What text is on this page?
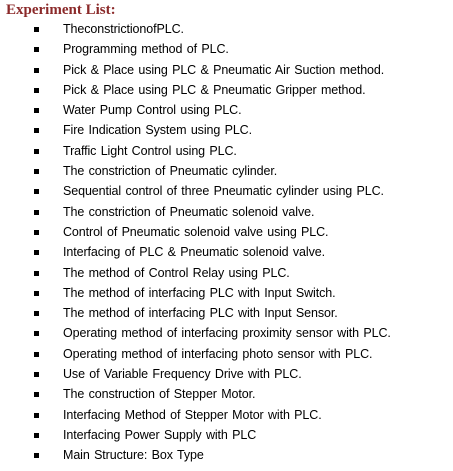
Experiment List:
TheconstrictionofPLC.
Programming method of PLC.
Pick & Place using PLC & Pneumatic Air Suction method.
Pick & Place using PLC & Pneumatic Gripper method.
Water Pump Control using PLC.
Fire Indication System using PLC.
Traffic Light Control using PLC.
The constriction of Pneumatic cylinder.
Sequential control of three Pneumatic cylinder using PLC.
The constriction of Pneumatic solenoid valve.
Control of Pneumatic solenoid valve using PLC.
Interfacing of PLC & Pneumatic solenoid valve.
The method of Control Relay using PLC.
The method of interfacing PLC with Input Switch.
The method of interfacing PLC with Input Sensor.
Operating method of interfacing proximity sensor with PLC.
Operating method of interfacing photo sensor with PLC.
Use of Variable Frequency Drive with PLC.
The construction of Stepper Motor.
Interfacing Method of Stepper Motor with PLC.
Interfacing Power Supply with PLC
Main Structure: Box Type
